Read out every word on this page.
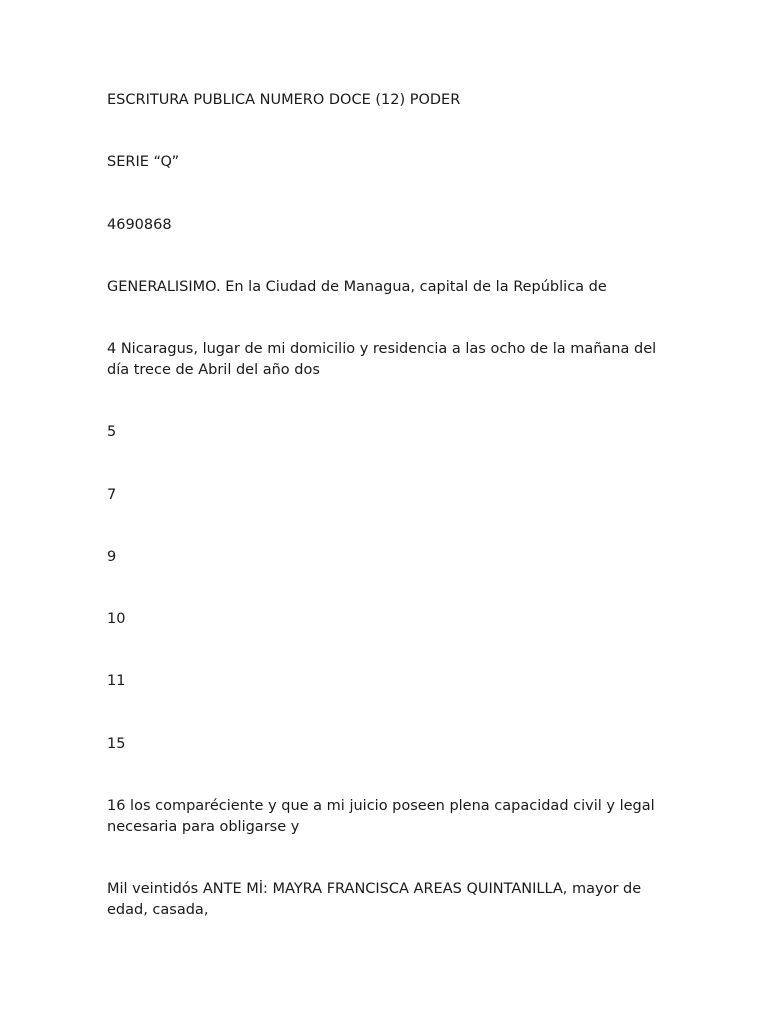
ESCRITURA PUBLICA NUMERO DOCE (12) PODER

SERIE “Q”

4690868

GENERALISIMO. En la Ciudad de Managua, capital de la República de

4 Nicaragus, lugar de mi domicilio y residencia a las ocho de la mañana del día trece de Abril del año dos

5

7

9

10

11

15

16 los comparéciente y que a mi juicio poseen plena capacidad civil y legal necesaria para obligarse y

Mil veintidós ANTE Mİ: MAYRA FRANCISCA AREAS QUINTANILLA, mayor de edad, casada,
